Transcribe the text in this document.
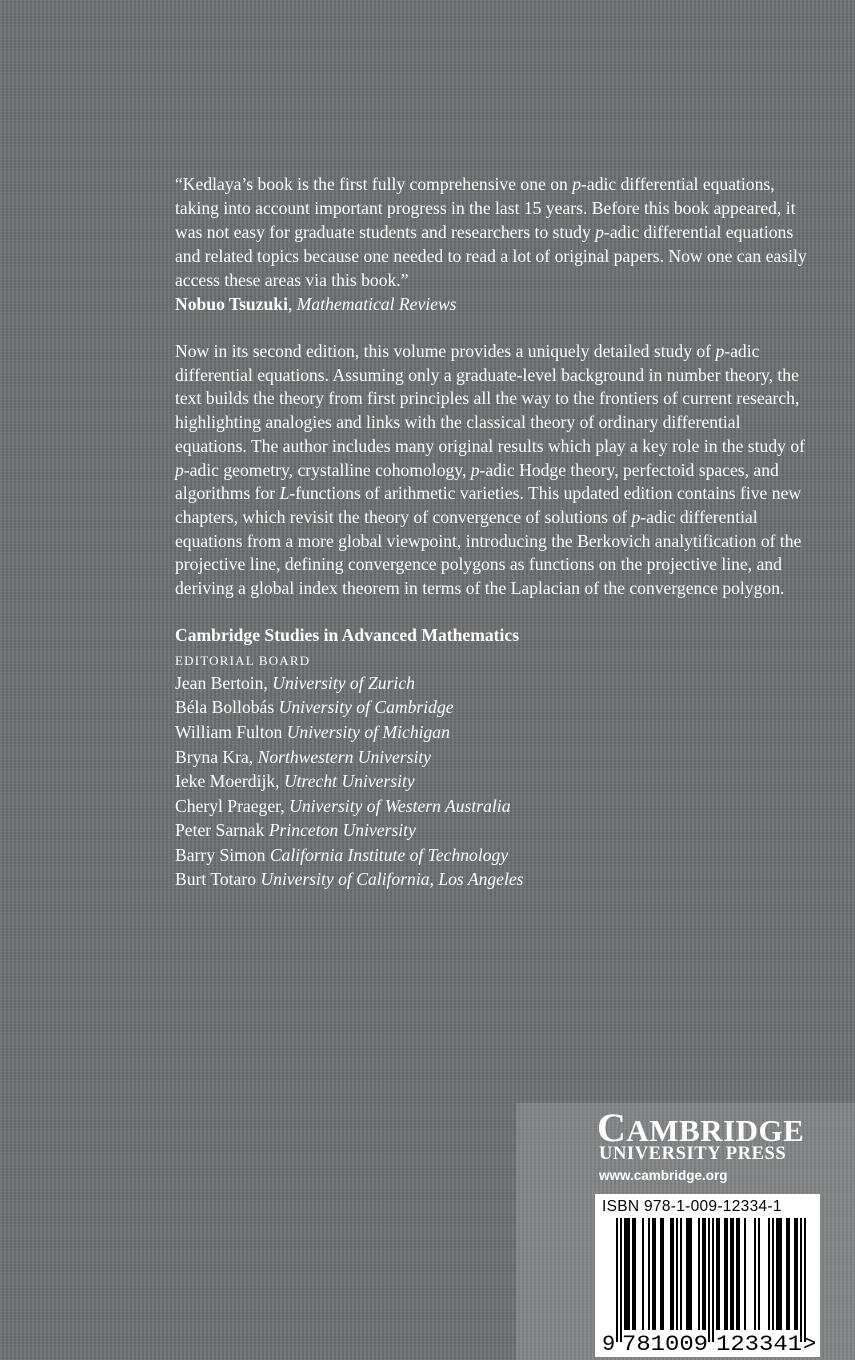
“Kedlaya’s book is the first fully comprehensive one on p-adic differential equations, taking into account important progress in the last 15 years. Before this book appeared, it was not easy for graduate students and researchers to study p-adic differential equations and related topics because one needed to read a lot of original papers. Now one can easily access these areas via this book.”

Nobuo Tsuzuki, Mathematical Reviews

Now in its second edition, this volume provides a uniquely detailed study of p-adic differential equations. Assuming only a graduate-level background in number theory, the text builds the theory from first principles all the way to the frontiers of current research, highlighting analogies and links with the classical theory of ordinary differential equations. The author includes many original results which play a key role in the study of p-adic geometry, crystalline cohomology, p-adic Hodge theory, perfectoid spaces, and algorithms for L-functions of arithmetic varieties. This updated edition contains five new chapters, which revisit the theory of convergence of solutions of p-adic differential equations from a more global viewpoint, introducing the Berkovich analytification of the projective line, defining convergence polygons as functions on the projective line, and deriving a global index theorem in terms of the Laplacian of the convergence polygon.

Cambridge Studies in Advanced Mathematics

EDITORIAL BOARD

Jean Bertoin, University of Zurich
Béla Bollobás University of Cambridge
William Fulton University of Michigan
Bryna Kra, Northwestern University
Ieke Moerdijk, Utrecht University
Cheryl Praeger, University of Western Australia
Peter Sarnak Princeton University
Barry Simon California Institute of Technology
Burt Totaro University of California, Los Angeles
CAMBRIDGE
UNIVERSITY PRESS
www.cambridge.org
ISBN 978-1-009-12334-1
9 781009 123341 >
